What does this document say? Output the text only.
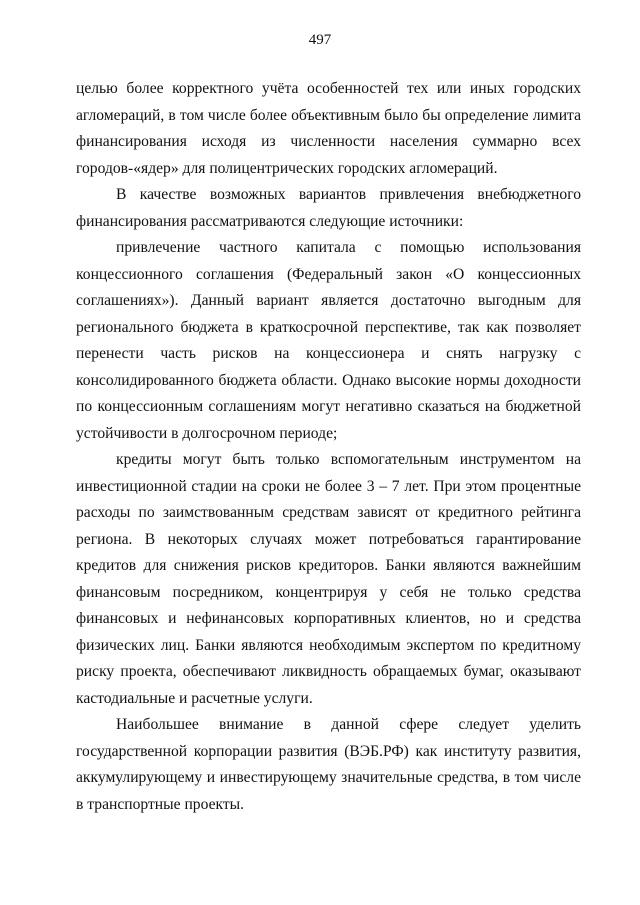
497

целью более корректного учёта особенностей тех или иных городских агломераций, в том числе более объективным было бы определение лимита финансирования исходя из численности населения суммарно всех городов-«ядер» для полицентрических городских агломераций.

В качестве возможных вариантов привлечения внебюджетного финансирования рассматриваются следующие источники:

привлечение частного капитала с помощью использования концессионного соглашения (Федеральный закон «О концессионных соглашениях»). Данный вариант является достаточно выгодным для регионального бюджета в краткосрочной перспективе, так как позволяет перенести часть рисков на концессионера и снять нагрузку с консолидированного бюджета области. Однако высокие нормы доходности по концессионным соглашениям могут негативно сказаться на бюджетной устойчивости в долгосрочном периоде;

кредиты могут быть только вспомогательным инструментом на инвестиционной стадии на сроки не более 3 – 7 лет. При этом процентные расходы по заимствованным средствам зависят от кредитного рейтинга региона. В некоторых случаях может потребоваться гарантирование кредитов для снижения рисков кредиторов. Банки являются важнейшим финансовым посредником, концентрируя у себя не только средства финансовых и нефинансовых корпоративных клиентов, но и средства физических лиц. Банки являются необходимым экспертом по кредитному риску проекта, обеспечивают ликвидность обращаемых бумаг, оказывают кастодиальные и расчетные услуги.

Наибольшее внимание в данной сфере следует уделить государственной корпорации развития (ВЭБ.РФ) как институту развития, аккумулирующему и инвестирующему значительные средства, в том числе в транспортные проекты.
